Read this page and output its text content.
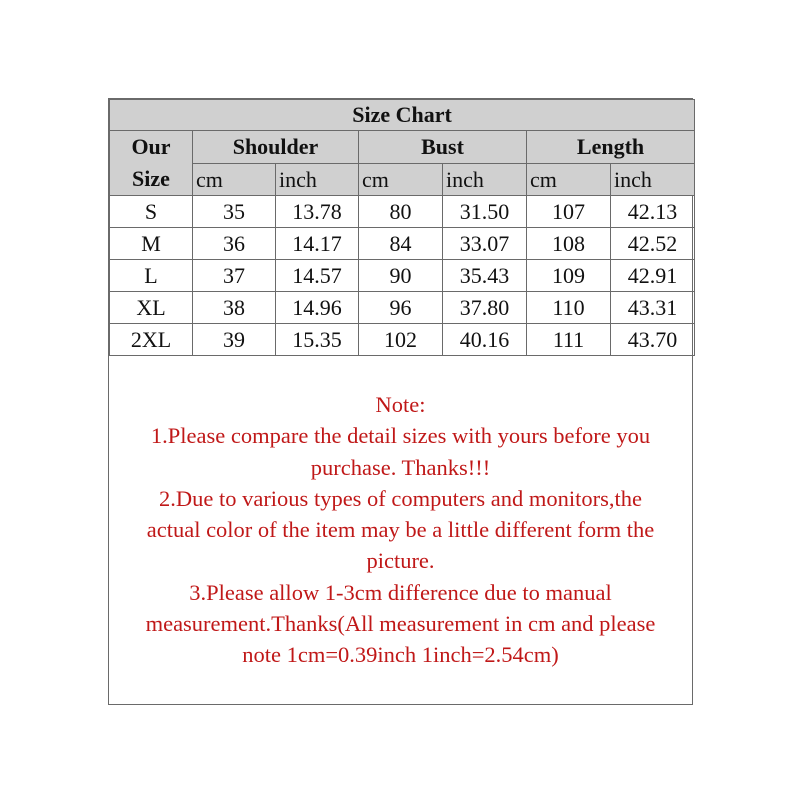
Size Chart						
Our
Size	Shoulder		Bust		Length	
	cm	inch	cm	inch	cm	inch
S	35	13.78	80	31.50	107	42.13
M	36	14.17	84	33.07	108	42.52
L	37	14.57	90	35.43	109	42.91
XL	38	14.96	96	37.80	110	43.31
2XL	39	15.35	102	40.16	111	43.70
Note:
1.Please compare the detail sizes with yours before you
purchase. Thanks!!!
2.Due to various types of computers and monitors,the
actual color of the item may be a little different form the
picture.
3.Please allow 1-3cm difference due to manual
measurement.Thanks(All measurement in cm and please
note 1cm=0.39inch 1inch=2.54cm)
